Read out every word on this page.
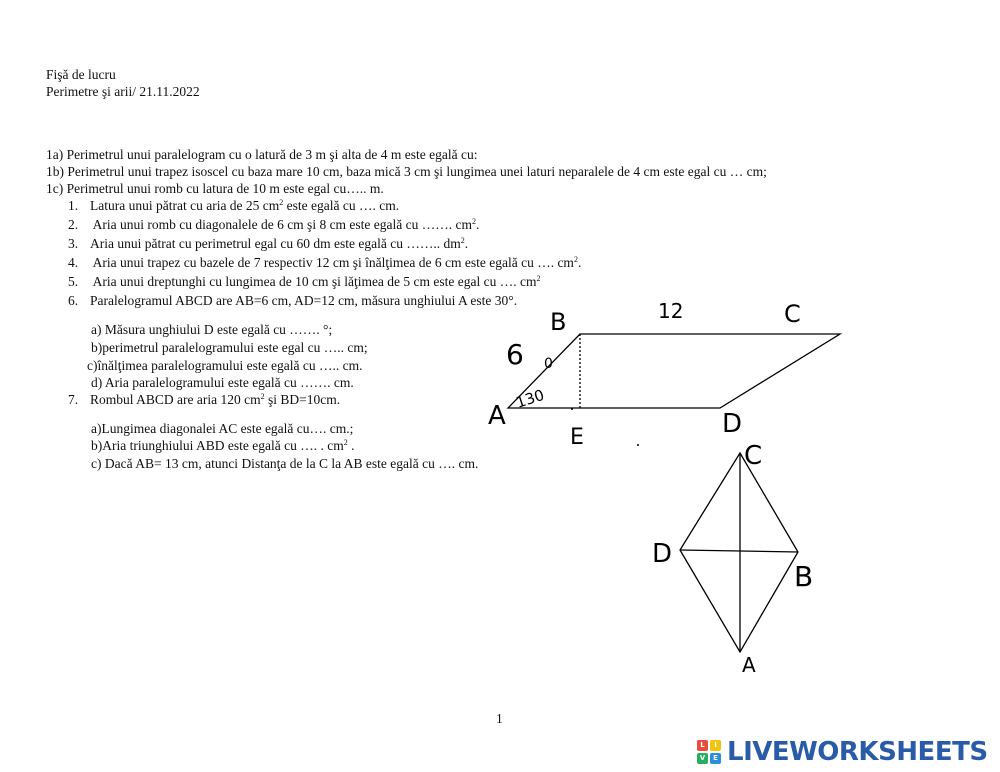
Fişă de lucru
Perimetre şi arii/ 21.11.2022
1a) Perimetrul unui paralelogram cu o latură de 3 m şi alta de 4 m este egală cu:
1b) Perimetrul unui trapez isoscel cu baza mare 10 cm, baza mică 3 cm şi lungimea unei laturi neparalele de 4 cm este egal cu … cm;
1c) Perimetrul unui romb cu latura de 10 m este egal cu….. m.
1. Latura unui pătrat cu aria de 25 $cm^2$ este egală cu …. cm.
2. Aria unui romb cu diagonalele de 6 cm şi 8 cm este egală cu ……. $cm^2$.
3. Aria unui pătrat cu perimetrul egal cu 60 dm este egală cu …….. $dm^2$.
4. Aria unui trapez cu bazele de 7 respectiv 12 cm şi înălţimea de 6 cm este egală cu …. $cm^2$.
5. Aria unui dreptunghi cu lungimea de 10 cm şi lăţimea de 5 cm este egal cu …. $cm^2$
6. Paralelogramul ABCD are AB=6 cm, AD=12 cm, măsura unghiului A este 30°.
a) Măsura unghiului D este egală cu ……. °;
b)perimetrul paralelogramului este egal cu ….. cm;
c)înălţimea paralelogramului este egală cu ….. cm.
d) Aria paralelogramului este egală cu ……. cm.
7. Rombul ABCD are aria 120 $cm^2$ şi BD=10cm.
a)Lungimea diagonalei AC este egală cu…. cm.;
b)Aria triunghiului ABD este egală cu …. . $cm^2$ .
c) Dacă AB= 13 cm, atunci Distanţa de la C la AB este egală cu …. cm.
A
B	C
D
E
6
12
130
0
C
D
B
A
1
L	I
V	E LIVEWORKSHEETS
